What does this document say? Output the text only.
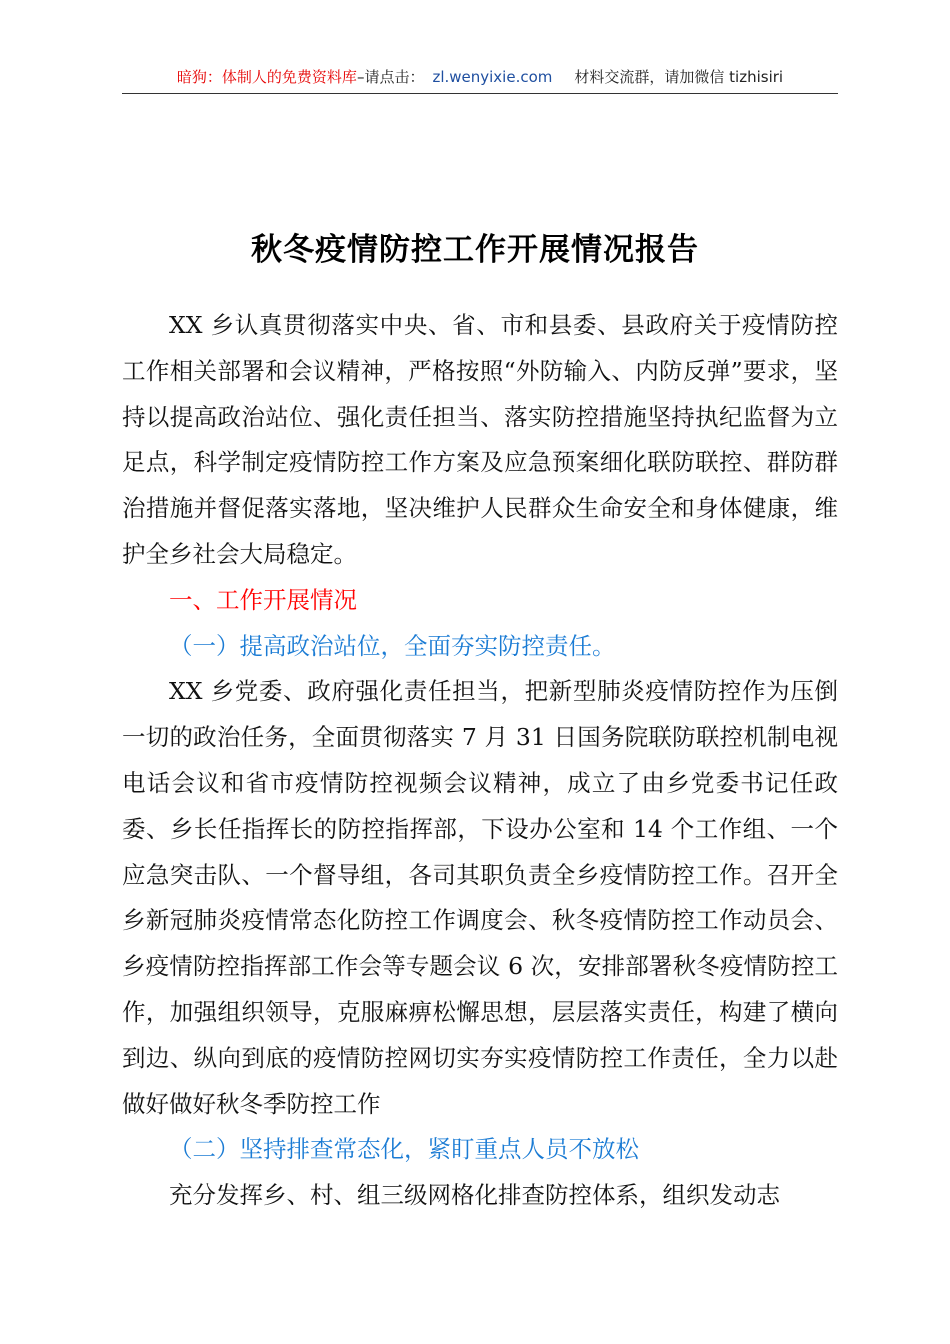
暗狗：体制人的免费资料库 –请点击： zl.wenyixie.com 材料交流群，请加微信 tizhisiri
秋冬疫情防控工作开展情况报告

XX 乡认真贯彻落实中央、省、市和县委、县政府关于疫情防控工作相关部署和会议精神，严格按照“外防输入、内防反弹”要求，坚持以提高政治站位、强化责任担当、落实防控措施坚持执纪监督为立足点，科学制定疫情防控工作方案及应急预案细化联防联控、群防群治措施并督促落实落地，坚决维护人民群众生命安全和身体健康，维护全乡社会大局稳定。

一、工作开展情况

（一）提高政治站位，全面夯实防控责任。

XX 乡党委、政府强化责任担当，把新型肺炎疫情防控作为压倒一切的政治任务，全面贯彻落实 7 月 31 日国务院联防联控机制电视电话会议和省市疫情防控视频会议精神，成立了由乡党委书记任政委、乡长任指挥长的防控指挥部，下设办公室和 14 个工作组、一个应急突击队、一个督导组，各司其职负责全乡疫情防控工作。召开全乡新冠肺炎疫情常态化防控工作调度会、秋冬疫情防控工作动员会、乡疫情防控指挥部工作会等专题会议 6 次，安排部署秋冬疫情防控工作，加强组织领导，克服麻痹松懈思想，层层落实责任，构建了横向到边、纵向到底的疫情防控网切实夯实疫情防控工作责任，全力以赴做好做好秋冬季防控工作

（二）坚持排查常态化，紧盯重点人员不放松

充分发挥乡、村、组三级网格化排查防控体系，组织发动志
